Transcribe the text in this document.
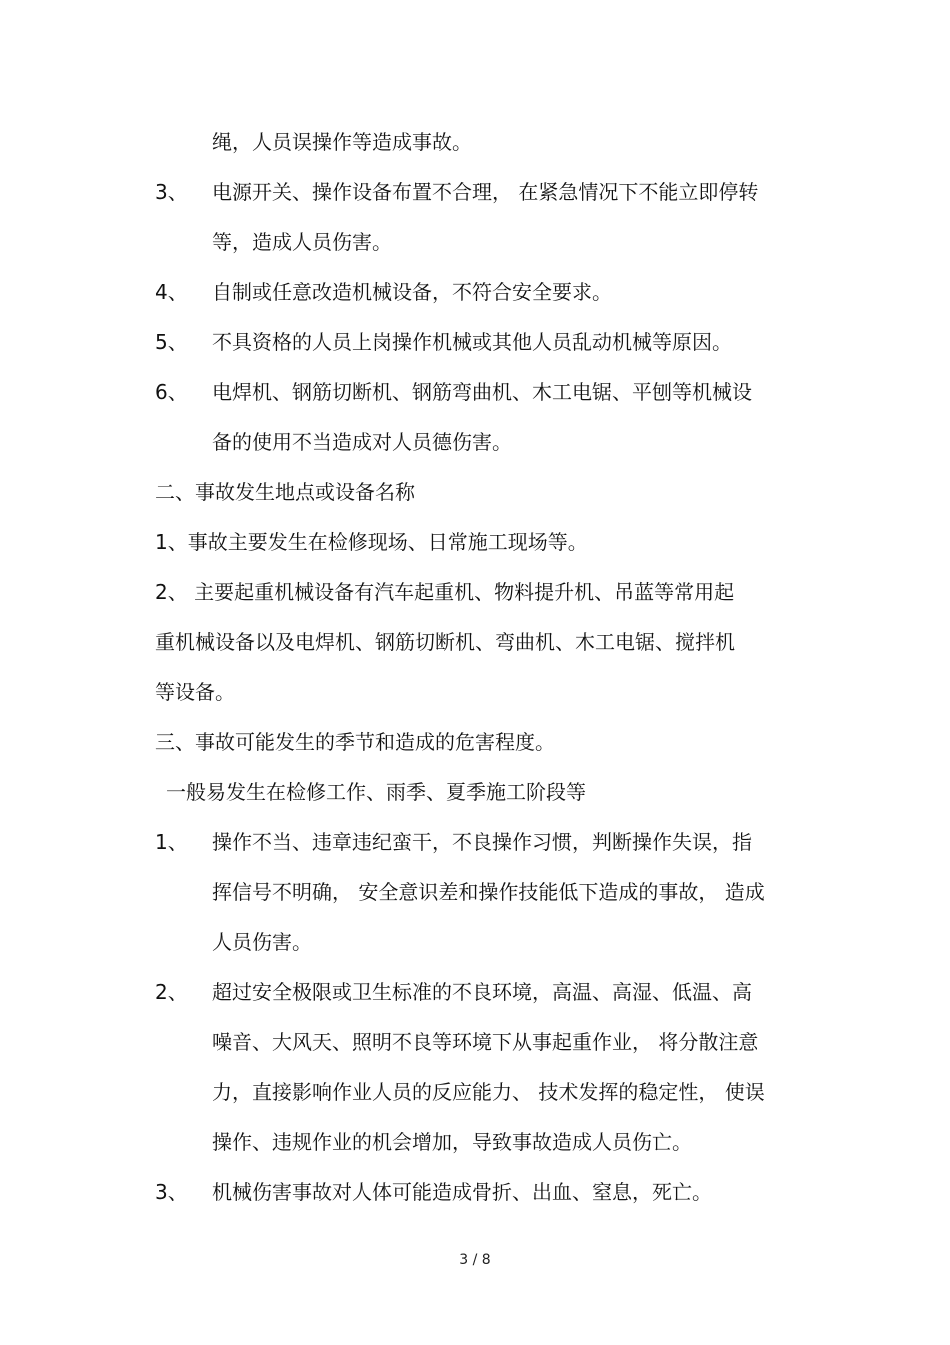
绳，人员误操作等造成事故。
3、 电源开关、操作设备布置不合理， 在紧急情况下不能立即停转
等，造成人员伤害。
4、 自制或任意改造机械设备，不符合安全要求。
5、 不具资格的人员上岗操作机械或其他人员乱动机械等原因。
6、 电焊机、钢筋切断机、钢筋弯曲机、木工电锯、平刨等机械设
备的使用不当造成对人员德伤害。
二、事故发生地点或设备名称
1、事故主要发生在检修现场、日常施工现场等。
2、 主要起重机械设备有汽车起重机、物料提升机、吊蓝等常用起
重机械设备以及电焊机、钢筋切断机、弯曲机、木工电锯、搅拌机
等设备。
三、事故可能发生的季节和造成的危害程度。
一般易发生在检修工作、雨季、夏季施工阶段等
1、 操作不当、违章违纪蛮干，不良操作习惯，判断操作失误，指
挥信号不明确， 安全意识差和操作技能低下造成的事故， 造成
人员伤害。
2、 超过安全极限或卫生标准的不良环境，高温、高湿、低温、高
噪音、大风天、照明不良等环境下从事起重作业， 将分散注意
力，直接影响作业人员的反应能力、 技术发挥的稳定性， 使误
操作、违规作业的机会增加，导致事故造成人员伤亡。
3、 机械伤害事故对人体可能造成骨折、出血、窒息，死亡。
3 / 8
